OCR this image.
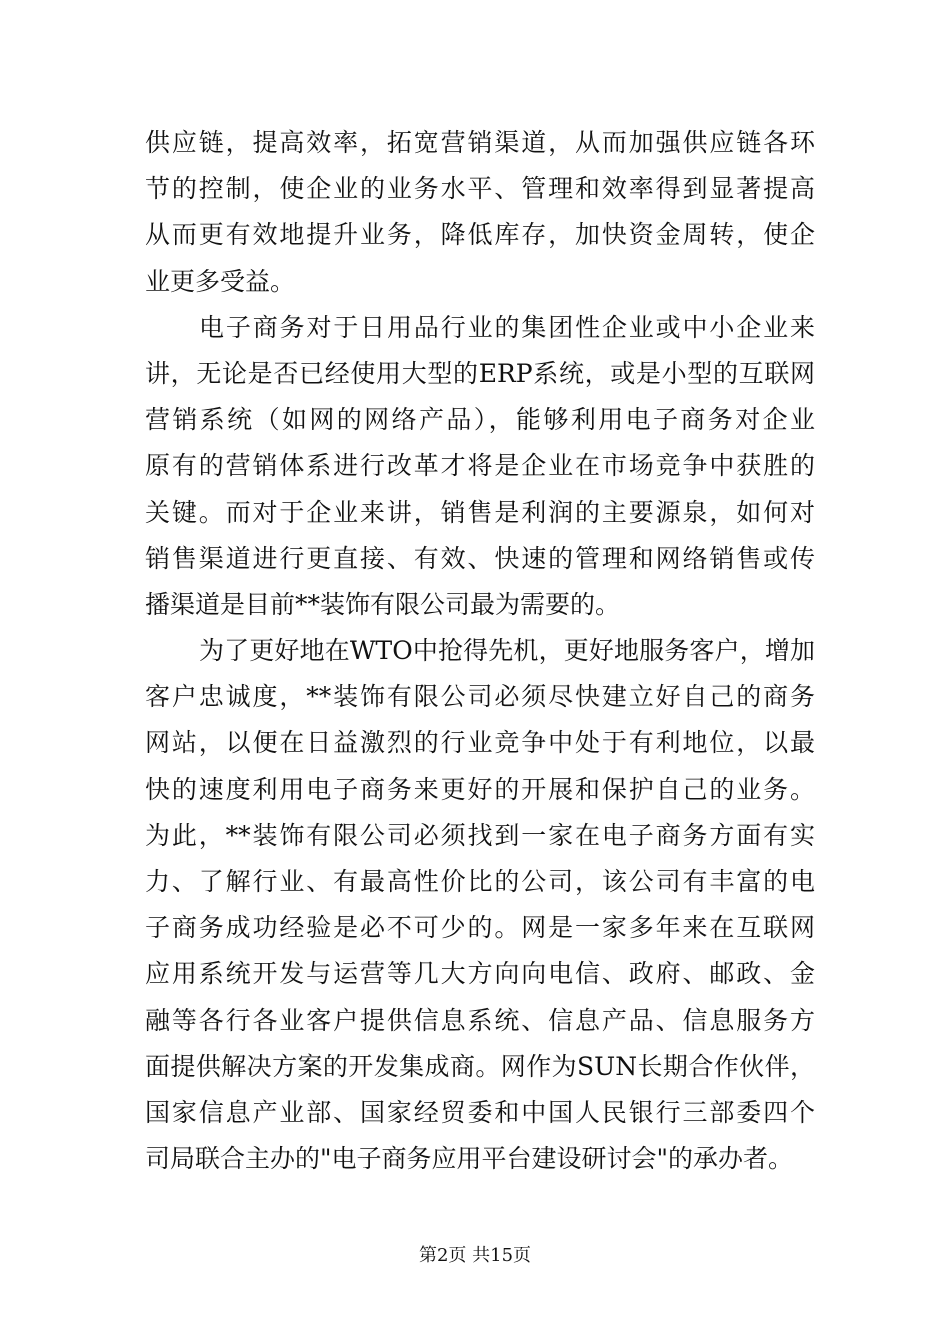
供应链，提高效率，拓宽营销渠道，从而加强供应链各环
节的控制，使企业的业务水平、管理和效率得到显著提高
从而更有效地提升业务，降低库存，加快资金周转，使企
业更多受益。
电子商务对于日用品行业的集团性企业或中小企业来
讲，无论是否已经使用大型的ERP系统，或是小型的互联网
营销系统（如网的网络产品），能够利用电子商务对企业
原有的营销体系进行改革才将是企业在市场竞争中获胜的
关键。而对于企业来讲，销售是利润的主要源泉，如何对
销售渠道进行更直接、有效、快速的管理和网络销售或传
播渠道是目前**装饰有限公司最为需要的。
为了更好地在WTO中抢得先机，更好地服务客户，增加
客户忠诚度，**装饰有限公司必须尽快建立好自己的商务
网站，以便在日益激烈的行业竞争中处于有利地位，以最
快的速度利用电子商务来更好的开展和保护自己的业务。
为此，**装饰有限公司必须找到一家在电子商务方面有实
力、了解行业、有最高性价比的公司，该公司有丰富的电
子商务成功经验是必不可少的。网是一家多年来在互联网
应用系统开发与运营等几大方向向电信、政府、邮政、金
融等各行各业客户提供信息系统、信息产品、信息服务方
面提供解决方案的开发集成商。网作为SUN长期合作伙伴，
国家信息产业部、国家经贸委和中国人民银行三部委四个
司局联合主办的"电子商务应用平台建设研讨会"的承办者。
第2页 共15页
